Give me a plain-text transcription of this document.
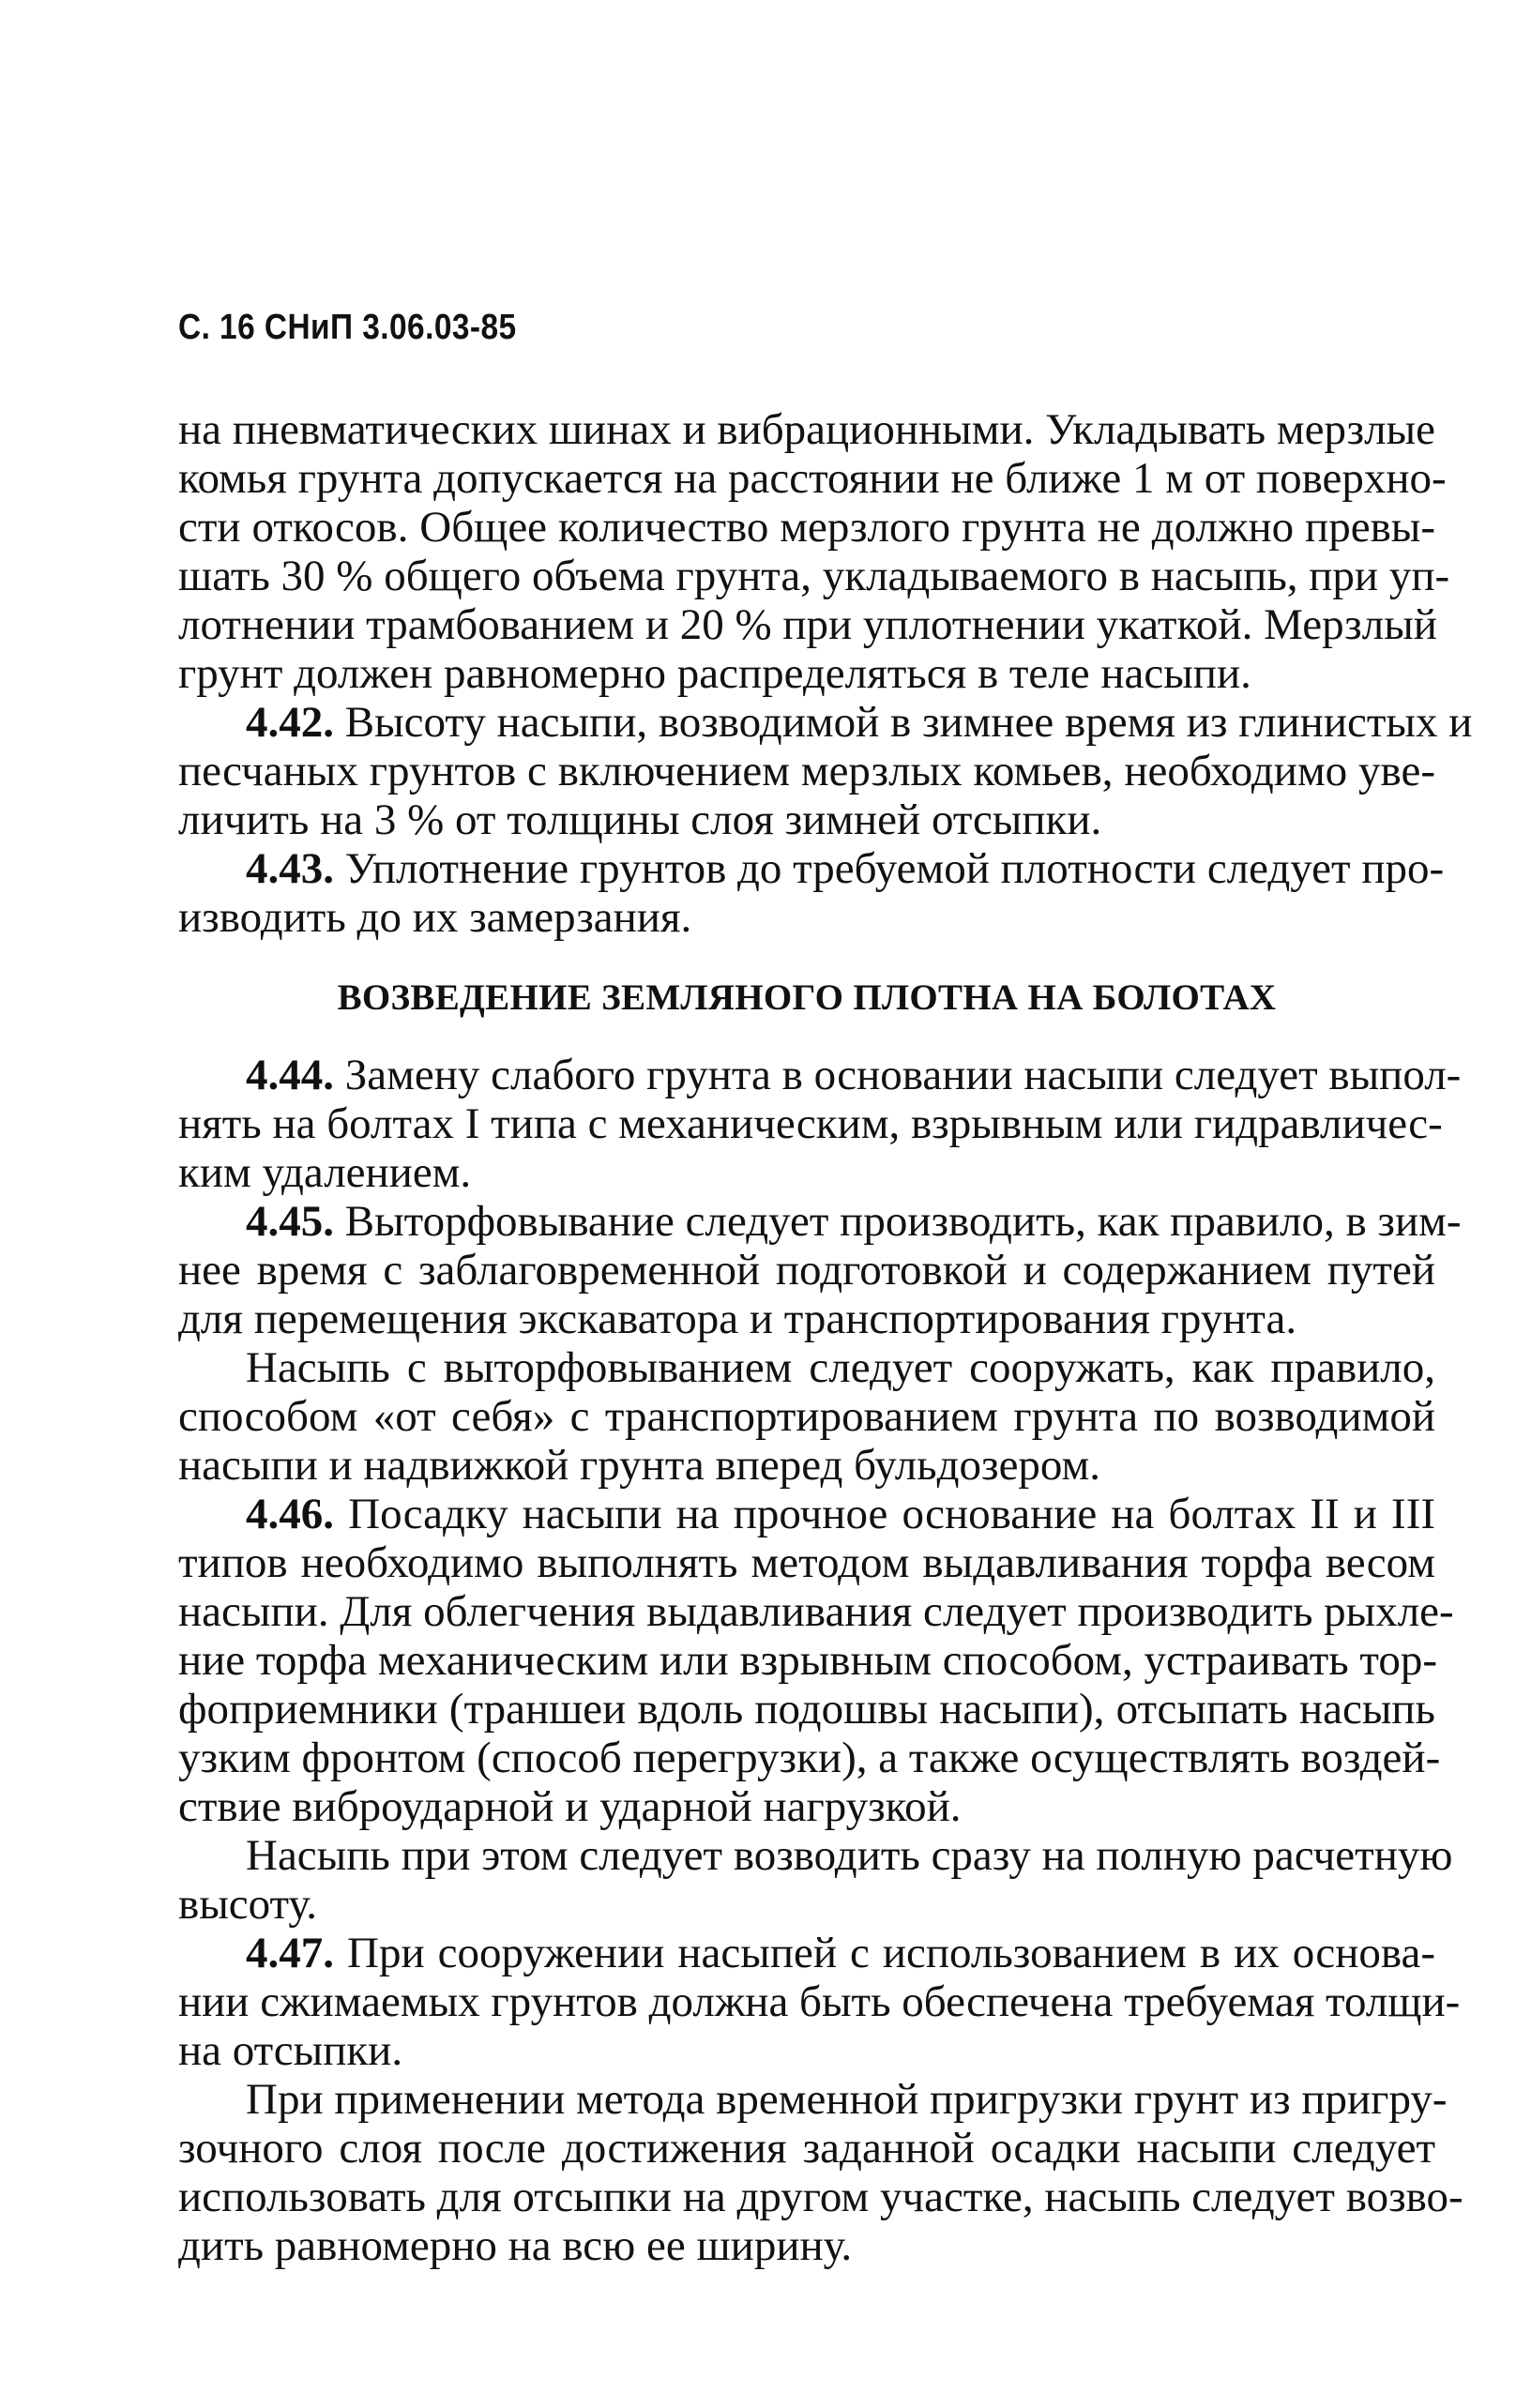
С. 16 СНиП 3.06.03-85
на пневматических шинах и вибрационными. Укладывать мерзлые
комья грунта допускается на расстоянии не ближе 1 м от поверхно-
сти откосов. Общее количество мерзлого грунта не должно превы-
шать 30 % общего объема грунта, укладываемого в насыпь, при уп-
лотнении трамбованием и 20 % при уплотнении укаткой. Мерзлый
грунт должен равномерно распределяться в теле насыпи.
4.42. Высоту насыпи, возводимой в зимнее время из глинистых и
песчаных грунтов с включением мерзлых комьев, необходимо уве-
личить на 3 % от толщины слоя зимней отсыпки.
4.43. Уплотнение грунтов до требуемой плотности следует про-
изводить до их замерзания.
ВОЗВЕДЕНИЕ ЗЕМЛЯНОГО ПЛОТНА НА БОЛОТАХ
4.44. Замену слабого грунта в основании насыпи следует выпол-
нять на болтах I типа с механическим, взрывным или гидравличес-
ким удалением.
4.45. Выторфовывание следует производить, как правило, в зим-
нее время с заблаговременной подготовкой и содержанием путей
для перемещения экскаватора и транспортирования грунта.
Насыпь с выторфовыванием следует сооружать, как правило,
способом «от себя» с транспортированием грунта по возводимой
насыпи и надвижкой грунта вперед бульдозером.
4.46. Посадку насыпи на прочное основание на болтах II и III
типов необходимо выполнять методом выдавливания торфа весом
насыпи. Для облегчения выдавливания следует производить рыхле-
ние торфа механическим или взрывным способом, устраивать тор-
фоприемники (траншеи вдоль подошвы насыпи), отсыпать насыпь
узким фронтом (способ перегрузки), а также осуществлять воздей-
ствие виброударной и ударной нагрузкой.
Насыпь при этом следует возводить сразу на полную расчетную
высоту.
4.47. При сооружении насыпей с использованием в их основа-
нии сжимаемых грунтов должна быть обеспечена требуемая толщи-
на отсыпки.
При применении метода временной пригрузки грунт из пригру-
зочного слоя после достижения заданной осадки насыпи следует
использовать для отсыпки на другом участке, насыпь следует возво-
дить равномерно на всю ее ширину.
